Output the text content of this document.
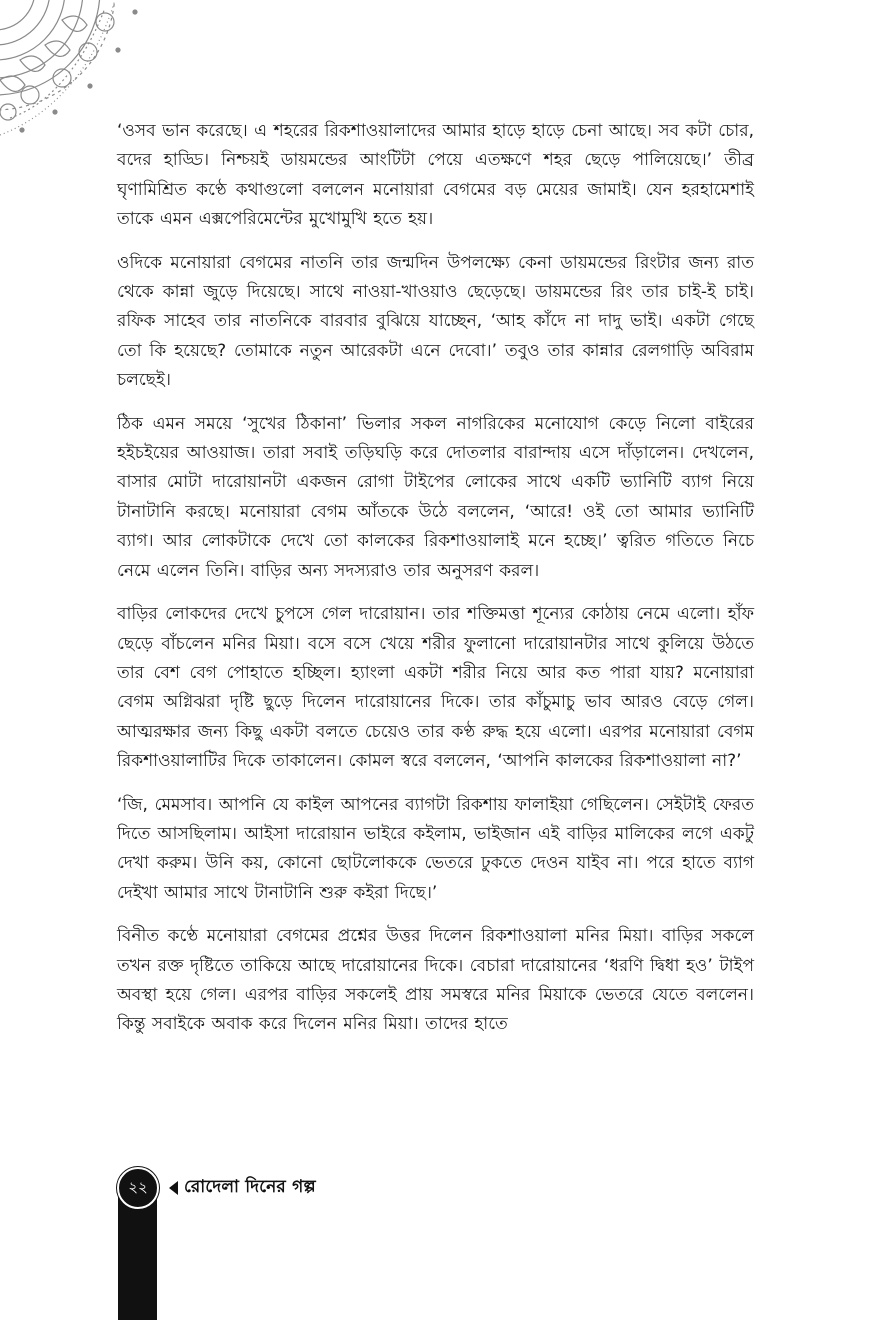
‘ওসব ভান করেছে। এ শহরের রিকশাওয়ালাদের আমার হাড়ে হাড়ে চেনা আছে। সব কটা চোর, বদের হাড্ডি। নিশ্চয়ই ডায়মন্ডের আংটিটা পেয়ে এতক্ষণে শহর ছেড়ে পালিয়েছে।’ তীব্র ঘৃণামিশ্রিত কণ্ঠে কথাগুলো বললেন মনোয়ারা বেগমের বড় মেয়ের জামাই। যেন হরহামেশাই তাকে এমন এক্সপেরিমেন্টের মুখোমুখি হতে হয়।

ওদিকে মনোয়ারা বেগমের নাতনি তার জন্মদিন উপলক্ষ্যে কেনা ডায়মন্ডের রিংটার জন্য রাত থেকে কান্না জুড়ে দিয়েছে। সাথে নাওয়া-খাওয়াও ছেড়েছে। ডায়মন্ডের রিং তার চাই-ই চাই। রফিক সাহেব তার নাতনিকে বারবার বুঝিয়ে যাচ্ছেন, ‘আহ কাঁদে না দাদু ভাই। একটা গেছে তো কি হয়েছে? তোমাকে নতুন আরেকটা এনে দেবো।’ তবুও তার কান্নার রেলগাড়ি অবিরাম চলছেই।

ঠিক এমন সময়ে ‘সুখের ঠিকানা’ ভিলার সকল নাগরিকের মনোযোগ কেড়ে নিলো বাইরের হইচইয়ের আওয়াজ। তারা সবাই তড়িঘড়ি করে দোতলার বারান্দায় এসে দাঁড়ালেন। দেখলেন, বাসার মোটা দারোয়ানটা একজন রোগা টাইপের লোকের সাথে একটি ভ্যানিটি ব্যাগ নিয়ে টানাটানি করছে। মনোয়ারা বেগম আঁতকে উঠে বললেন, ‘আরে! ওই তো আমার ভ্যানিটি ব্যাগ। আর লোকটাকে দেখে তো কালকের রিকশাওয়ালাই মনে হচ্ছে।’ ত্বরিত গতিতে নিচে নেমে এলেন তিনি। বাড়ির অন্য সদস্যরাও তার অনুসরণ করল।

বাড়ির লোকদের দেখে চুপসে গেল দারোয়ান। তার শক্তিমত্তা শূন্যের কোঠায় নেমে এলো। হাঁফ ছেড়ে বাঁচলেন মনির মিয়া। বসে বসে খেয়ে শরীর ফুলানো দারোয়ানটার সাথে কুলিয়ে উঠতে তার বেশ বেগ পোহাতে হচ্ছিল। হ্যাংলা একটা শরীর নিয়ে আর কত পারা যায়? মনোয়ারা বেগম অগ্নিঝরা দৃষ্টি ছুড়ে দিলেন দারোয়ানের দিকে। তার কাঁচুমাচু ভাব আরও বেড়ে গেল। আত্মরক্ষার জন্য কিছু একটা বলতে চেয়েও তার কণ্ঠ রুদ্ধ হয়ে এলো। এরপর মনোয়ারা বেগম রিকশাওয়ালাটির দিকে তাকালেন। কোমল স্বরে বললেন, ‘আপনি কালকের রিকশাওয়ালা না?’

‘জি, মেমসাব। আপনি যে কাইল আপনের ব্যাগটা রিকশায় ফালাইয়া গেছিলেন। সেইটাই ফেরত দিতে আসছিলাম। আইসা দারোয়ান ভাইরে কইলাম, ভাইজান এই বাড়ির মালিকের লগে একটু দেখা করুম। উনি কয়, কোনো ছোটলোককে ভেতরে ঢুকতে দেওন যাইব না। পরে হাতে ব্যাগ দেইখা আমার সাথে টানাটানি শুরু কইরা দিছে।’

বিনীত কণ্ঠে মনোয়ারা বেগমের প্রশ্নের উত্তর দিলেন রিকশাওয়ালা মনির মিয়া। বাড়ির সকলে তখন রক্ত দৃষ্টিতে তাকিয়ে আছে দারোয়ানের দিকে। বেচারা দারোয়ানের ‘ধরণি দ্বিধা হও’ টাইপ অবস্থা হয়ে গেল। এরপর বাড়ির সকলেই প্রায় সমস্বরে মনির মিয়াকে ভেতরে যেতে বললেন। কিন্তু সবাইকে অবাক করে দিলেন মনির মিয়া। তাদের হাতে

২২	রোদেলা দিনের গল্প
